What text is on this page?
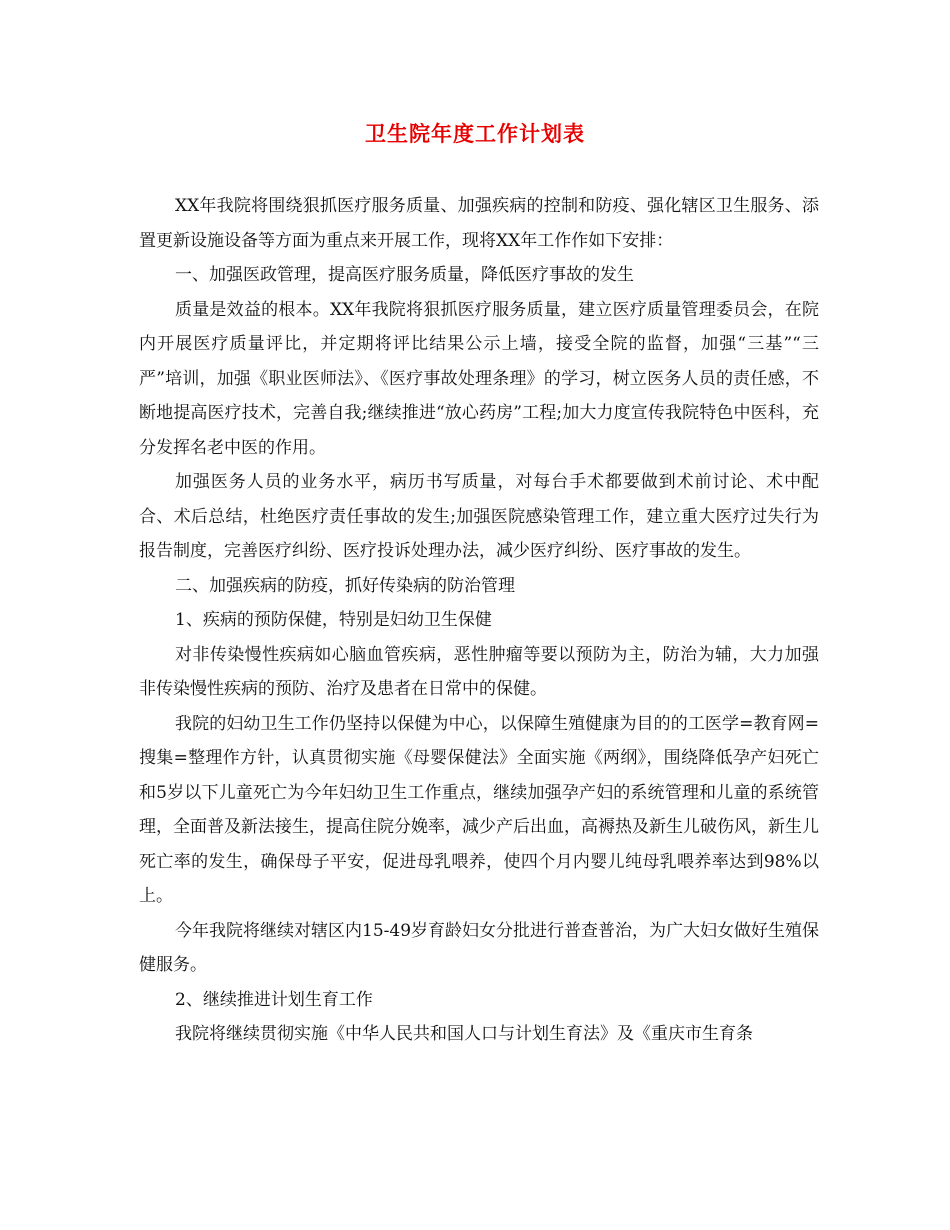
卫生院年度工作计划表

XX年我院将围绕狠抓医疗服务质量、加强疾病的控制和防疫、强化辖区卫生服务、添置更新设施设备等方面为重点来开展工作，现将XX年工作作如下安排：

一、加强医政管理，提高医疗服务质量，降低医疗事故的发生

质量是效益的根本。XX年我院将狠抓医疗服务质量，建立医疗质量管理委员会，在院内开展医疗质量评比，并定期将评比结果公示上墙，接受全院的监督，加强“三基”“三严”培训，加强《职业医师法》、《医疗事故处理条理》的学习，树立医务人员的责任感，不断地提高医疗技术，完善自我;继续推进“放心药房”工程;加大力度宣传我院特色中医科，充分发挥名老中医的作用。

加强医务人员的业务水平，病历书写质量，对每台手术都要做到术前讨论、术中配合、术后总结，杜绝医疗责任事故的发生;加强医院感染管理工作，建立重大医疗过失行为报告制度，完善医疗纠纷、医疗投诉处理办法，减少医疗纠纷、医疗事故的发生。

二、加强疾病的防疫，抓好传染病的防治管理

1、疾病的预防保健，特别是妇幼卫生保健

对非传染慢性疾病如心脑血管疾病，恶性肿瘤等要以预防为主，防治为辅，大力加强非传染慢性疾病的预防、治疗及患者在日常中的保健。

我院的妇幼卫生工作仍坚持以保健为中心，以保障生殖健康为目的的工医学=教育网=搜集=整理作方针，认真贯彻实施《母婴保健法》全面实施《两纲》，围绕降低孕产妇死亡和5岁以下儿童死亡为今年妇幼卫生工作重点，继续加强孕产妇的系统管理和儿童的系统管理，全面普及新法接生，提高住院分娩率，减少产后出血，高褥热及新生儿破伤风，新生儿死亡率的发生，确保母子平安，促进母乳喂养，使四个月内婴儿纯母乳喂养率达到98%以上。

今年我院将继续对辖区内15-49岁育龄妇女分批进行普查普治，为广大妇女做好生殖保健服务。

2、继续推进计划生育工作

我院将继续贯彻实施《中华人民共和国人口与计划生育法》及《重庆市生育条
